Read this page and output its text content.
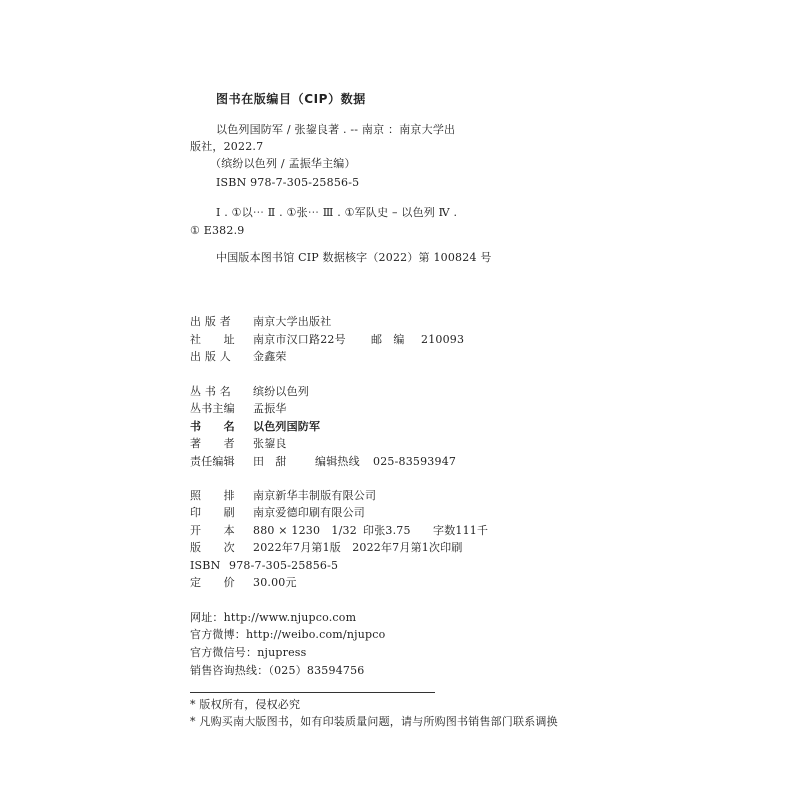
图书在版编目（CIP）数据
以色列国防军 / 张鋆良著 . -- 南京 ：南京大学出
版社，2022.7
（缤纷以色列 / 孟振华主编）
ISBN 978-7-305-25856-5
Ⅰ . ①以⋯ Ⅱ . ①张⋯ Ⅲ . ①军队史 – 以色列 Ⅳ .
① E382.9
中国版本图书馆 CIP 数据核字（2022）第 100824 号
出 版 者 南京大学出版社
社　　址 南京市汉口路22号 邮　编 210093
出 版 人 金鑫荣
丛 书 名 缤纷以色列
丛书主编 孟振华
书　　名 以色列国防军
著　　者 张鋆良
责任编辑 田　甜	编辑热线 025-83593947
照　　排 南京新华丰制版有限公司
印　　刷 南京爱德印刷有限公司
开　　本 880 × 1230　1/32 印张3.75 字数111千
版　　次 2022年7月第1版　2022年7月第1次印刷
ISBN 978-7-305-25856-5
定　　价 30.00元
网址：http://www.njupco.com
官方微博：http://weibo.com/njupco
官方微信号：njupress
销售咨询热线：（025）83594756
* 版权所有，侵权必究
* 凡购买南大版图书，如有印装质量问题，请与所购图书销售部门联系调换
